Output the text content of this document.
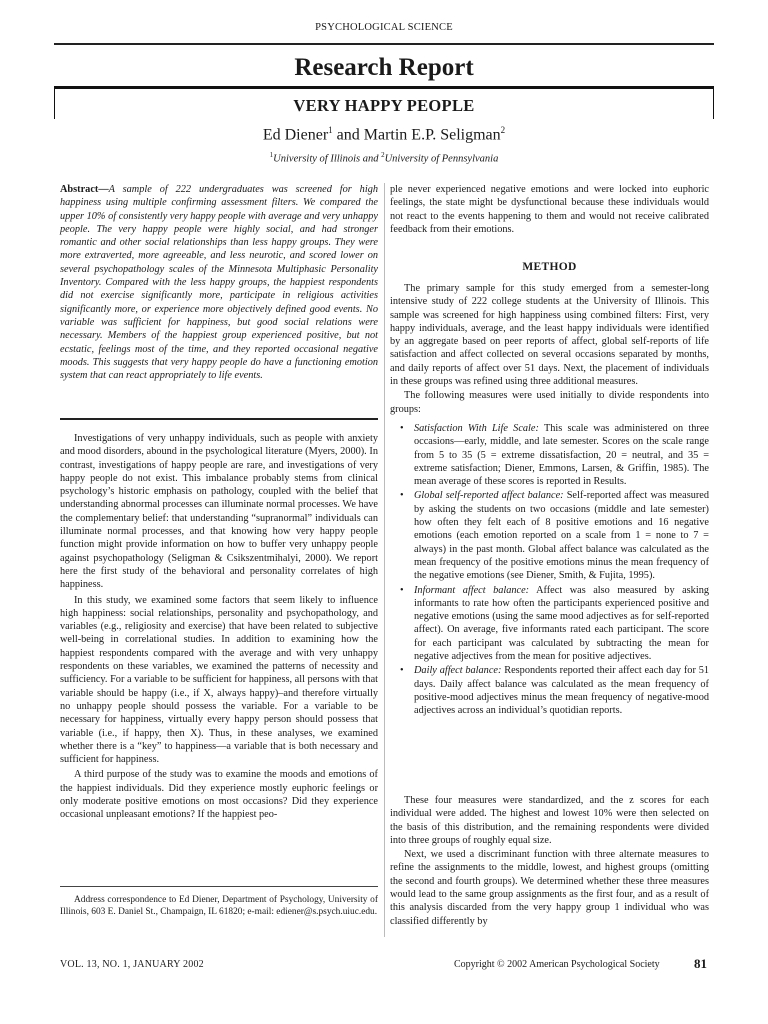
PSYCHOLOGICAL SCIENCE
Research Report
VERY HAPPY PEOPLE
Ed Diener$^1$ and Martin E.P. Seligman$^2$
$^1$University of Illinois and $^2$University of Pennsylvania
Abstract—A sample of 222 undergraduates was screened for high happiness using multiple confirming assessment filters. We compared the upper 10% of consistently very happy people with average and very unhappy people. The very happy people were highly social, and had stronger romantic and other social relationships than less happy groups. They were more extraverted, more agreeable, and less neurotic, and scored lower on several psychopathology scales of the Minnesota Multiphasic Personality Inventory. Compared with the less happy groups, the happiest respondents did not exercise significantly more, participate in religious activities significantly more, or experience more objectively defined good events. No variable was sufficient for happiness, but good social relations were necessary. Members of the happiest group experienced positive, but not ecstatic, feelings most of the time, and they reported occasional negative moods. This suggests that very happy people do have a functioning emotion system that can react appropriately to life events.

Investigations of very unhappy individuals, such as people with anxiety and mood disorders, abound in the psychological literature (Myers, 2000). In contrast, investigations of happy people are rare, and investigations of very happy people do not exist. This imbalance probably stems from clinical psychology’s historic emphasis on pathology, coupled with the belief that understanding abnormal processes can illuminate normal processes. We have the complementary belief: that understanding “supranormal” individuals can illuminate normal processes, and that knowing how very happy people function might provide information on how to buffer very unhappy people against psychopathology (Seligman & Csikszentmihalyi, 2000). We report here the first study of the behavioral and personality correlates of high happiness.

In this study, we examined some factors that seem likely to influence high happiness: social relationships, personality and psychopathology, and variables (e.g., religiosity and exercise) that have been related to subjective well-being in correlational studies. In addition to examining how the happiest respondents compared with the average and with very unhappy respondents on these variables, we examined the patterns of necessity and sufficiency. For a variable to be sufficient for happiness, all persons with that variable should be happy (i.e., if X, always happy)–and therefore virtually no unhappy people should possess the variable. For a variable to be necessary for happiness, virtually every happy person should possess that variable (i.e., if happy, then X). Thus, in these analyses, we examined whether there is a “key” to happiness—a variable that is both necessary and sufficient for happiness.

A third purpose of the study was to examine the moods and emotions of the happiest individuals. Did they experience mostly euphoric feelings or only moderate positive emotions on most occasions? Did they experience occasional unpleasant emotions? If the happiest peo-

Address correspondence to Ed Diener, Department of Psychology, University of Illinois, 603 E. Daniel St., Champaign, IL 61820; e-mail: ediener@s.psych.uiuc.edu.

ple never experienced negative emotions and were locked into euphoric feelings, the state might be dysfunctional because these individuals would not react to the events happening to them and would not receive calibrated feedback from their emotions.

METHOD

The primary sample for this study emerged from a semester-long intensive study of 222 college students at the University of Illinois. This sample was screened for high happiness using combined filters: First, very happy individuals, average, and the least happy individuals were identified by an aggregate based on peer reports of affect, global self-reports of life satisfaction and affect collected on several occasions separated by months, and daily reports of affect over 51 days. Next, the placement of individuals in these groups was refined using three additional measures.

The following measures were used initially to divide respondents into groups:

• Satisfaction With Life Scale: This scale was administered on three occasions—early, middle, and late semester. Scores on the scale range from 5 to 35 (5 = extreme dissatisfaction, 20 = neutral, and 35 = extreme satisfaction; Diener, Emmons, Larsen, & Griffin, 1985). The mean average of these scores is reported in Results.
• Global self-reported affect balance: Self-reported affect was measured by asking the students on two occasions (middle and late semester) how often they felt each of 8 positive emotions and 16 negative emotions (each emotion reported on a scale from 1 = none to 7 = always) in the past month. Global affect balance was calculated as the mean frequency of the positive emotions minus the mean frequency of the negative emotions (see Diener, Smith, & Fujita, 1995).
• Informant affect balance: Affect was also measured by asking informants to rate how often the participants experienced positive and negative emotions (using the same mood adjectives as for self-reported affect). On average, five informants rated each participant. The score for each participant was calculated by subtracting the mean for negative adjectives from the mean for positive adjectives.
• Daily affect balance: Respondents reported their affect each day for 51 days. Daily affect balance was calculated as the mean frequency of positive-mood adjectives minus the mean frequency of negative-mood adjectives across an individual’s quotidian reports.

These four measures were standardized, and the z scores for each individual were added. The highest and lowest 10% were then selected on the basis of this distribution, and the remaining respondents were divided into three groups of roughly equal size.

Next, we used a discriminant function with three alternate measures to refine the assignments to the middle, lowest, and highest groups (omitting the second and fourth groups). We determined whether these three measures would lead to the same group assignments as the first four, and as a result of this analysis discarded from the very happy group 1 individual who was classified differently by

VOL. 13, NO. 1, JANUARY 2002	Copyright © 2002 American Psychological Society	81
